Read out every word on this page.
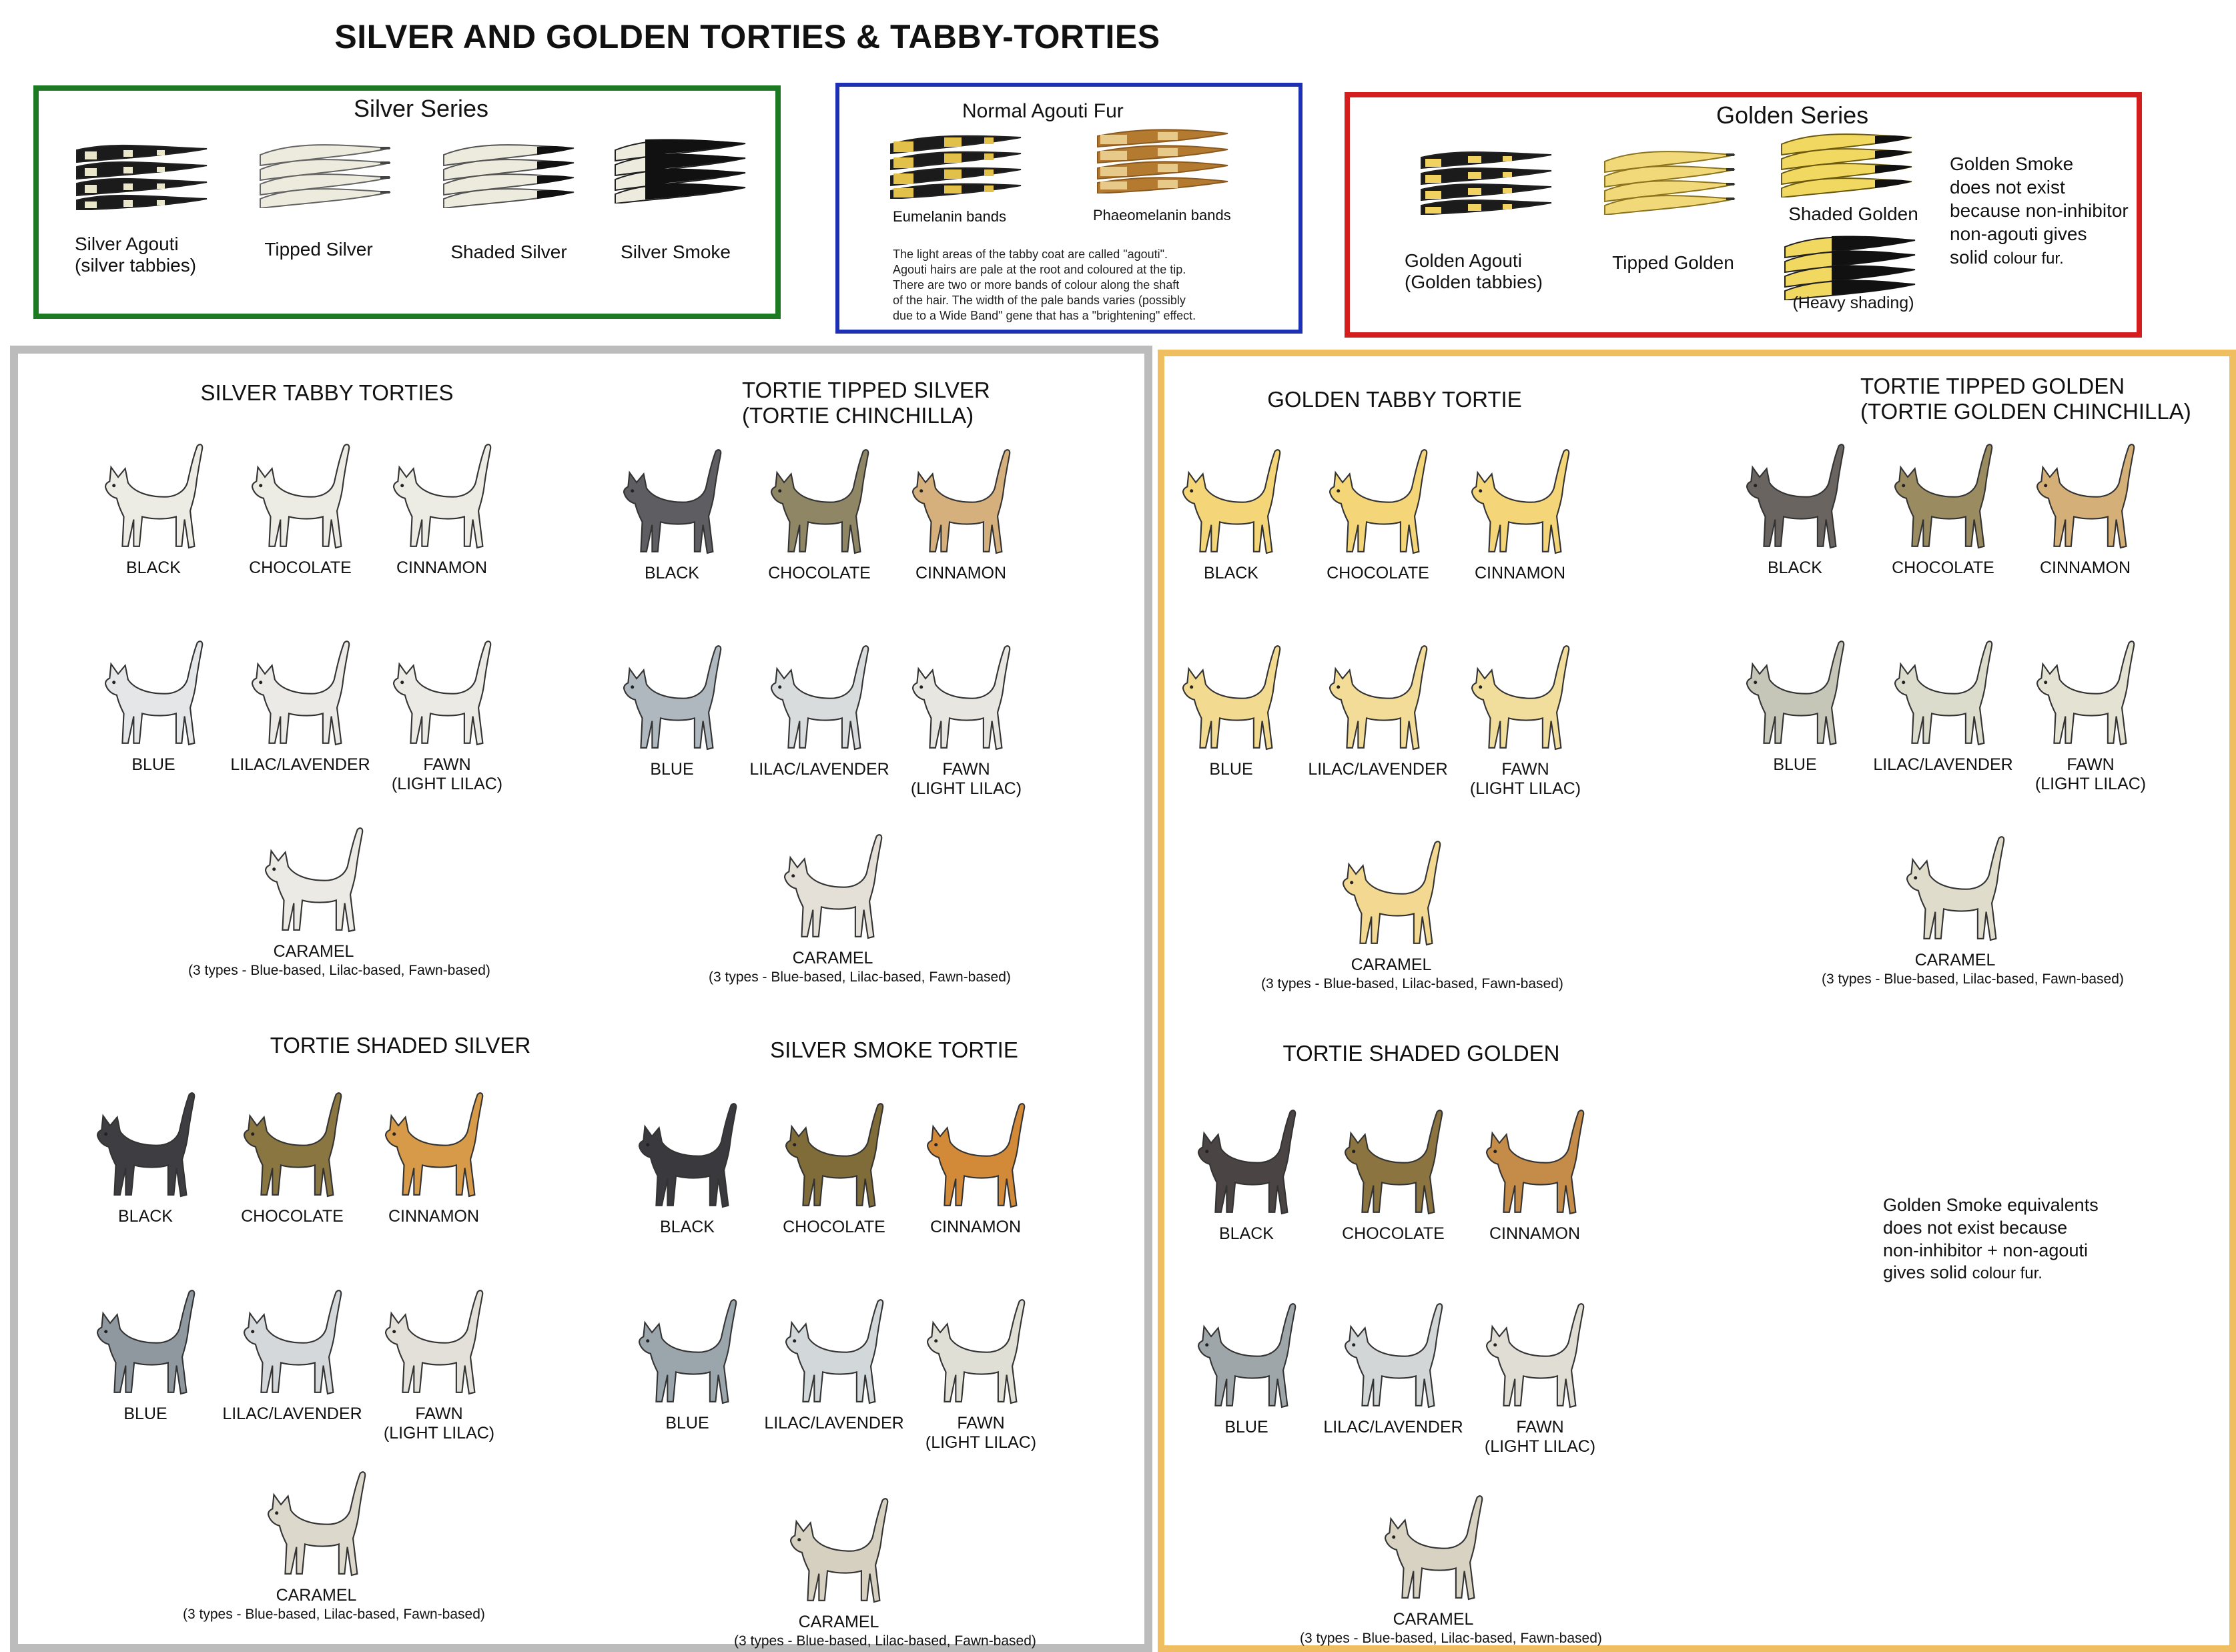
SILVER AND GOLDEN TORTIES & TABBY-TORTIES
Silver Series
Silver Agouti
(silver tabbies)
Tipped Silver	Shaded Silver	Silver Smoke
Normal Agouti Fur
Eumelanin bands	Phaeomelanin bands
The light areas of the tabby coat are called "agouti".
Agouti hairs are pale at the root and coloured at the tip.
There are two or more bands of colour along the shaft
of the hair. The width of the pale bands varies (possibly
due to a Wide Band" gene that has a "brightening" effect.
Golden Series
Golden Agouti
(Golden tabbies)
Tipped Golden
Shaded Golden
(Heavy shading)
Golden Smoke
does not exist
because non-inhibitor
non-agouti gives
solid colour fur.
SILVER TABBY TORTIES	TORTIE TIPPED SILVER
(TORTIE CHINCHILLA)
TORTIE SHADED SILVER	SILVER SMOKE TORTIE
GOLDEN TABBY TORTIE
TORTIE TIPPED GOLDEN
(TORTIE GOLDEN CHINCHILLA)
TORTIE SHADED GOLDEN
Golden Smoke equivalents
does not exist because
non-inhibitor + non-agouti
gives solid colour fur.
BLACK	CHOCOLATE	CINNAMON
BLUE	LILAC/LAVENDER	FAWN
(LIGHT LILAC)
CARAMEL
(3 types - Blue-based, Lilac-based, Fawn-based)
BLACK	CHOCOLATE	CINNAMON
BLUE	LILAC/LAVENDER	FAWN
(LIGHT LILAC)
CARAMEL
(3 types - Blue-based, Lilac-based, Fawn-based)
BLACK	CHOCOLATE	CINNAMON
BLUE	LILAC/LAVENDER	FAWN
(LIGHT LILAC)
CARAMEL
(3 types - Blue-based, Lilac-based, Fawn-based)
BLACK	CHOCOLATE	CINNAMON
BLUE	LILAC/LAVENDER	FAWN
(LIGHT LILAC)
CARAMEL
(3 types - Blue-based, Lilac-based, Fawn-based)
BLACK	CHOCOLATE	CINNAMON
BLUE	LILAC/LAVENDER	FAWN
(LIGHT LILAC)
CARAMEL
(3 types - Blue-based, Lilac-based, Fawn-based)
BLACK	CHOCOLATE	CINNAMON
BLUE	LILAC/LAVENDER	FAWN
(LIGHT LILAC)
CARAMEL
(3 types - Blue-based, Lilac-based, Fawn-based)
BLACK	CHOCOLATE	CINNAMON
BLUE	LILAC/LAVENDER	FAWN
(LIGHT LILAC)
CARAMEL
(3 types - Blue-based, Lilac-based, Fawn-based)
